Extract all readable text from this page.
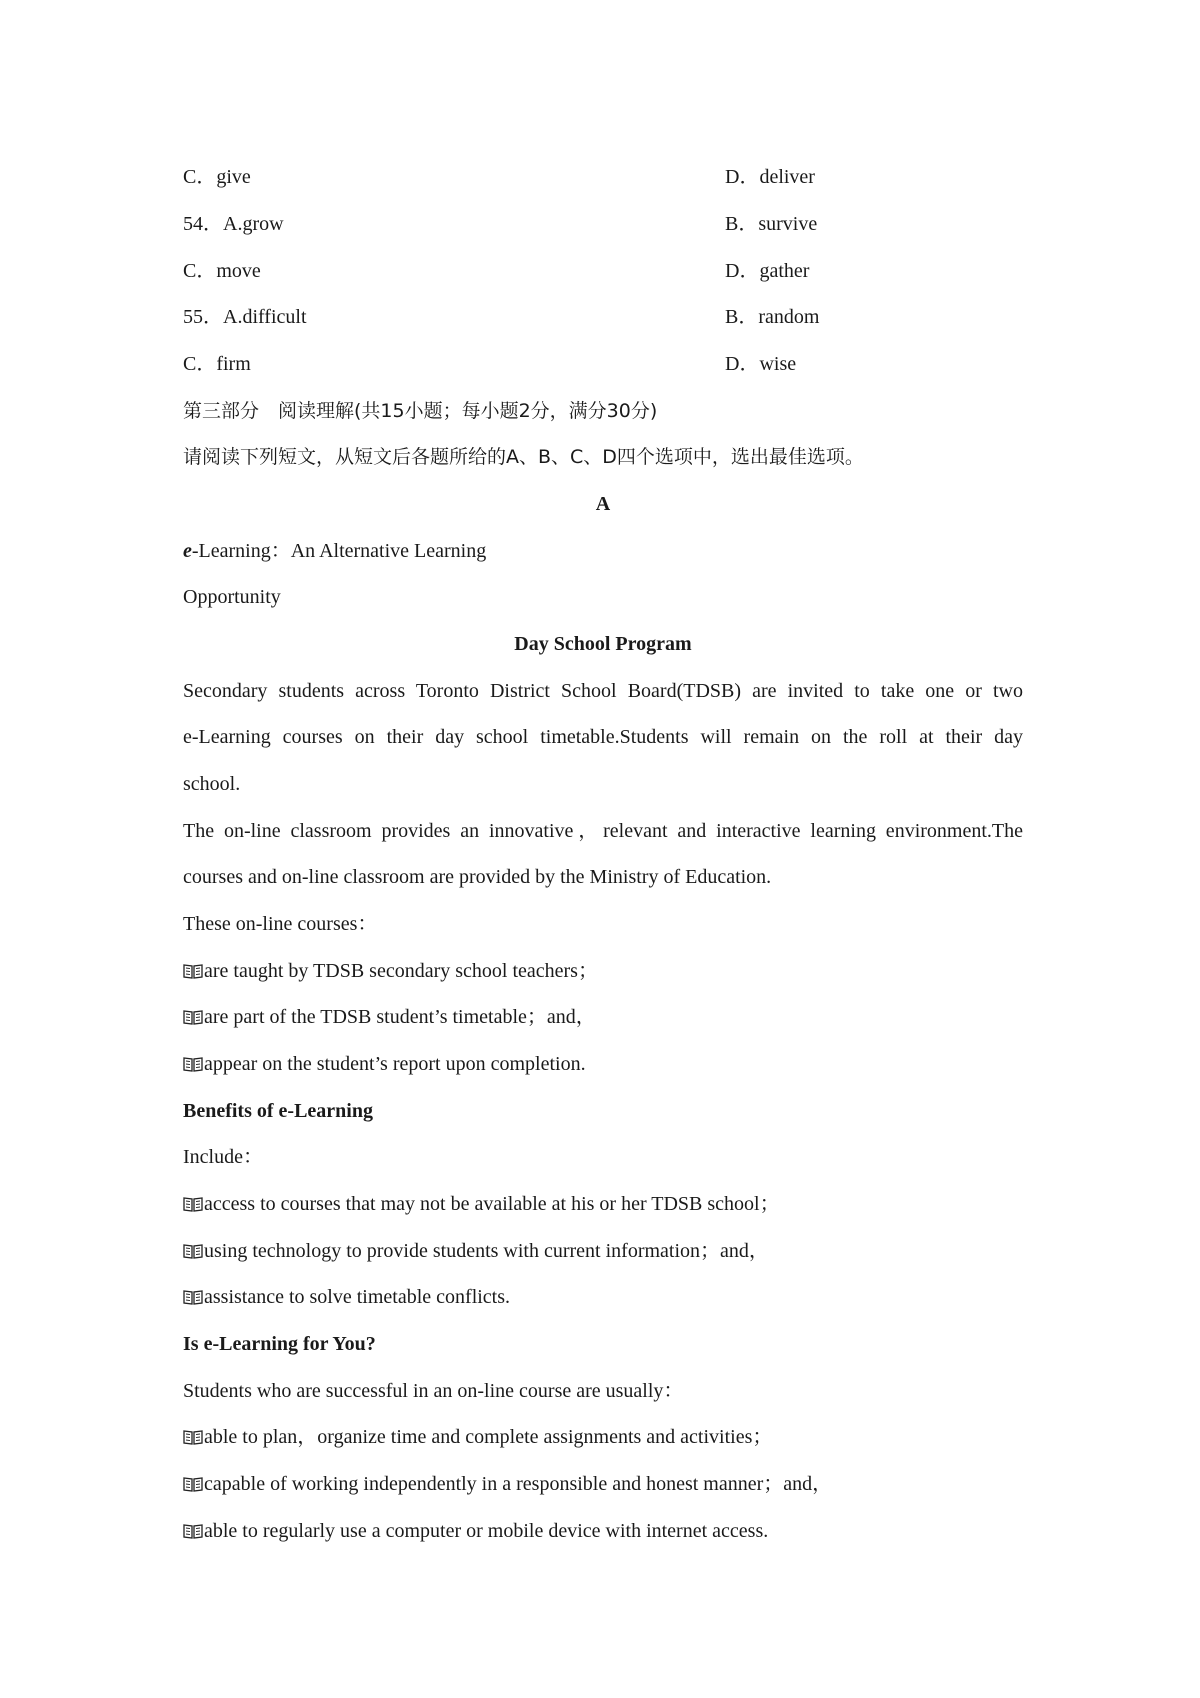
C．give	D．deliver
54．A.grow	B．survive
C．move	D．gather
55．A.difficult	B．random
C．firm	D．wise
第三部分　阅读理解(共15小题；每小题2分，满分30分)
请阅读下列短文，从短文后各题所给的A、B、C、D四个选项中，选出最佳选项。
A
e-Learning：An Alternative Learning
Opportunity
Day School Program
Secondary students across Toronto District School Board(TDSB) are invited to take one or two
e-Learning courses on their day school timetable.Students will remain on the roll at their day
school.
The on-line classroom provides an innovative，relevant and interactive learning environment.The
courses and on-line classroom are provided by the Ministry of Education.
These on-line courses：
are taught by TDSB secondary school teachers；
are part of the TDSB student’s timetable；and，
appear on the student’s report upon completion.
Benefits of e-Learning
Include：
access to courses that may not be available at his or her TDSB school；
using technology to provide students with current information；and，
assistance to solve timetable conflicts.
Is e-Learning for You?
Students who are successful in an on-line course are usually：
able to plan，organize time and complete assignments and activities；
capable of working independently in a responsible and honest manner；and，
able to regularly use a computer or mobile device with internet access.
